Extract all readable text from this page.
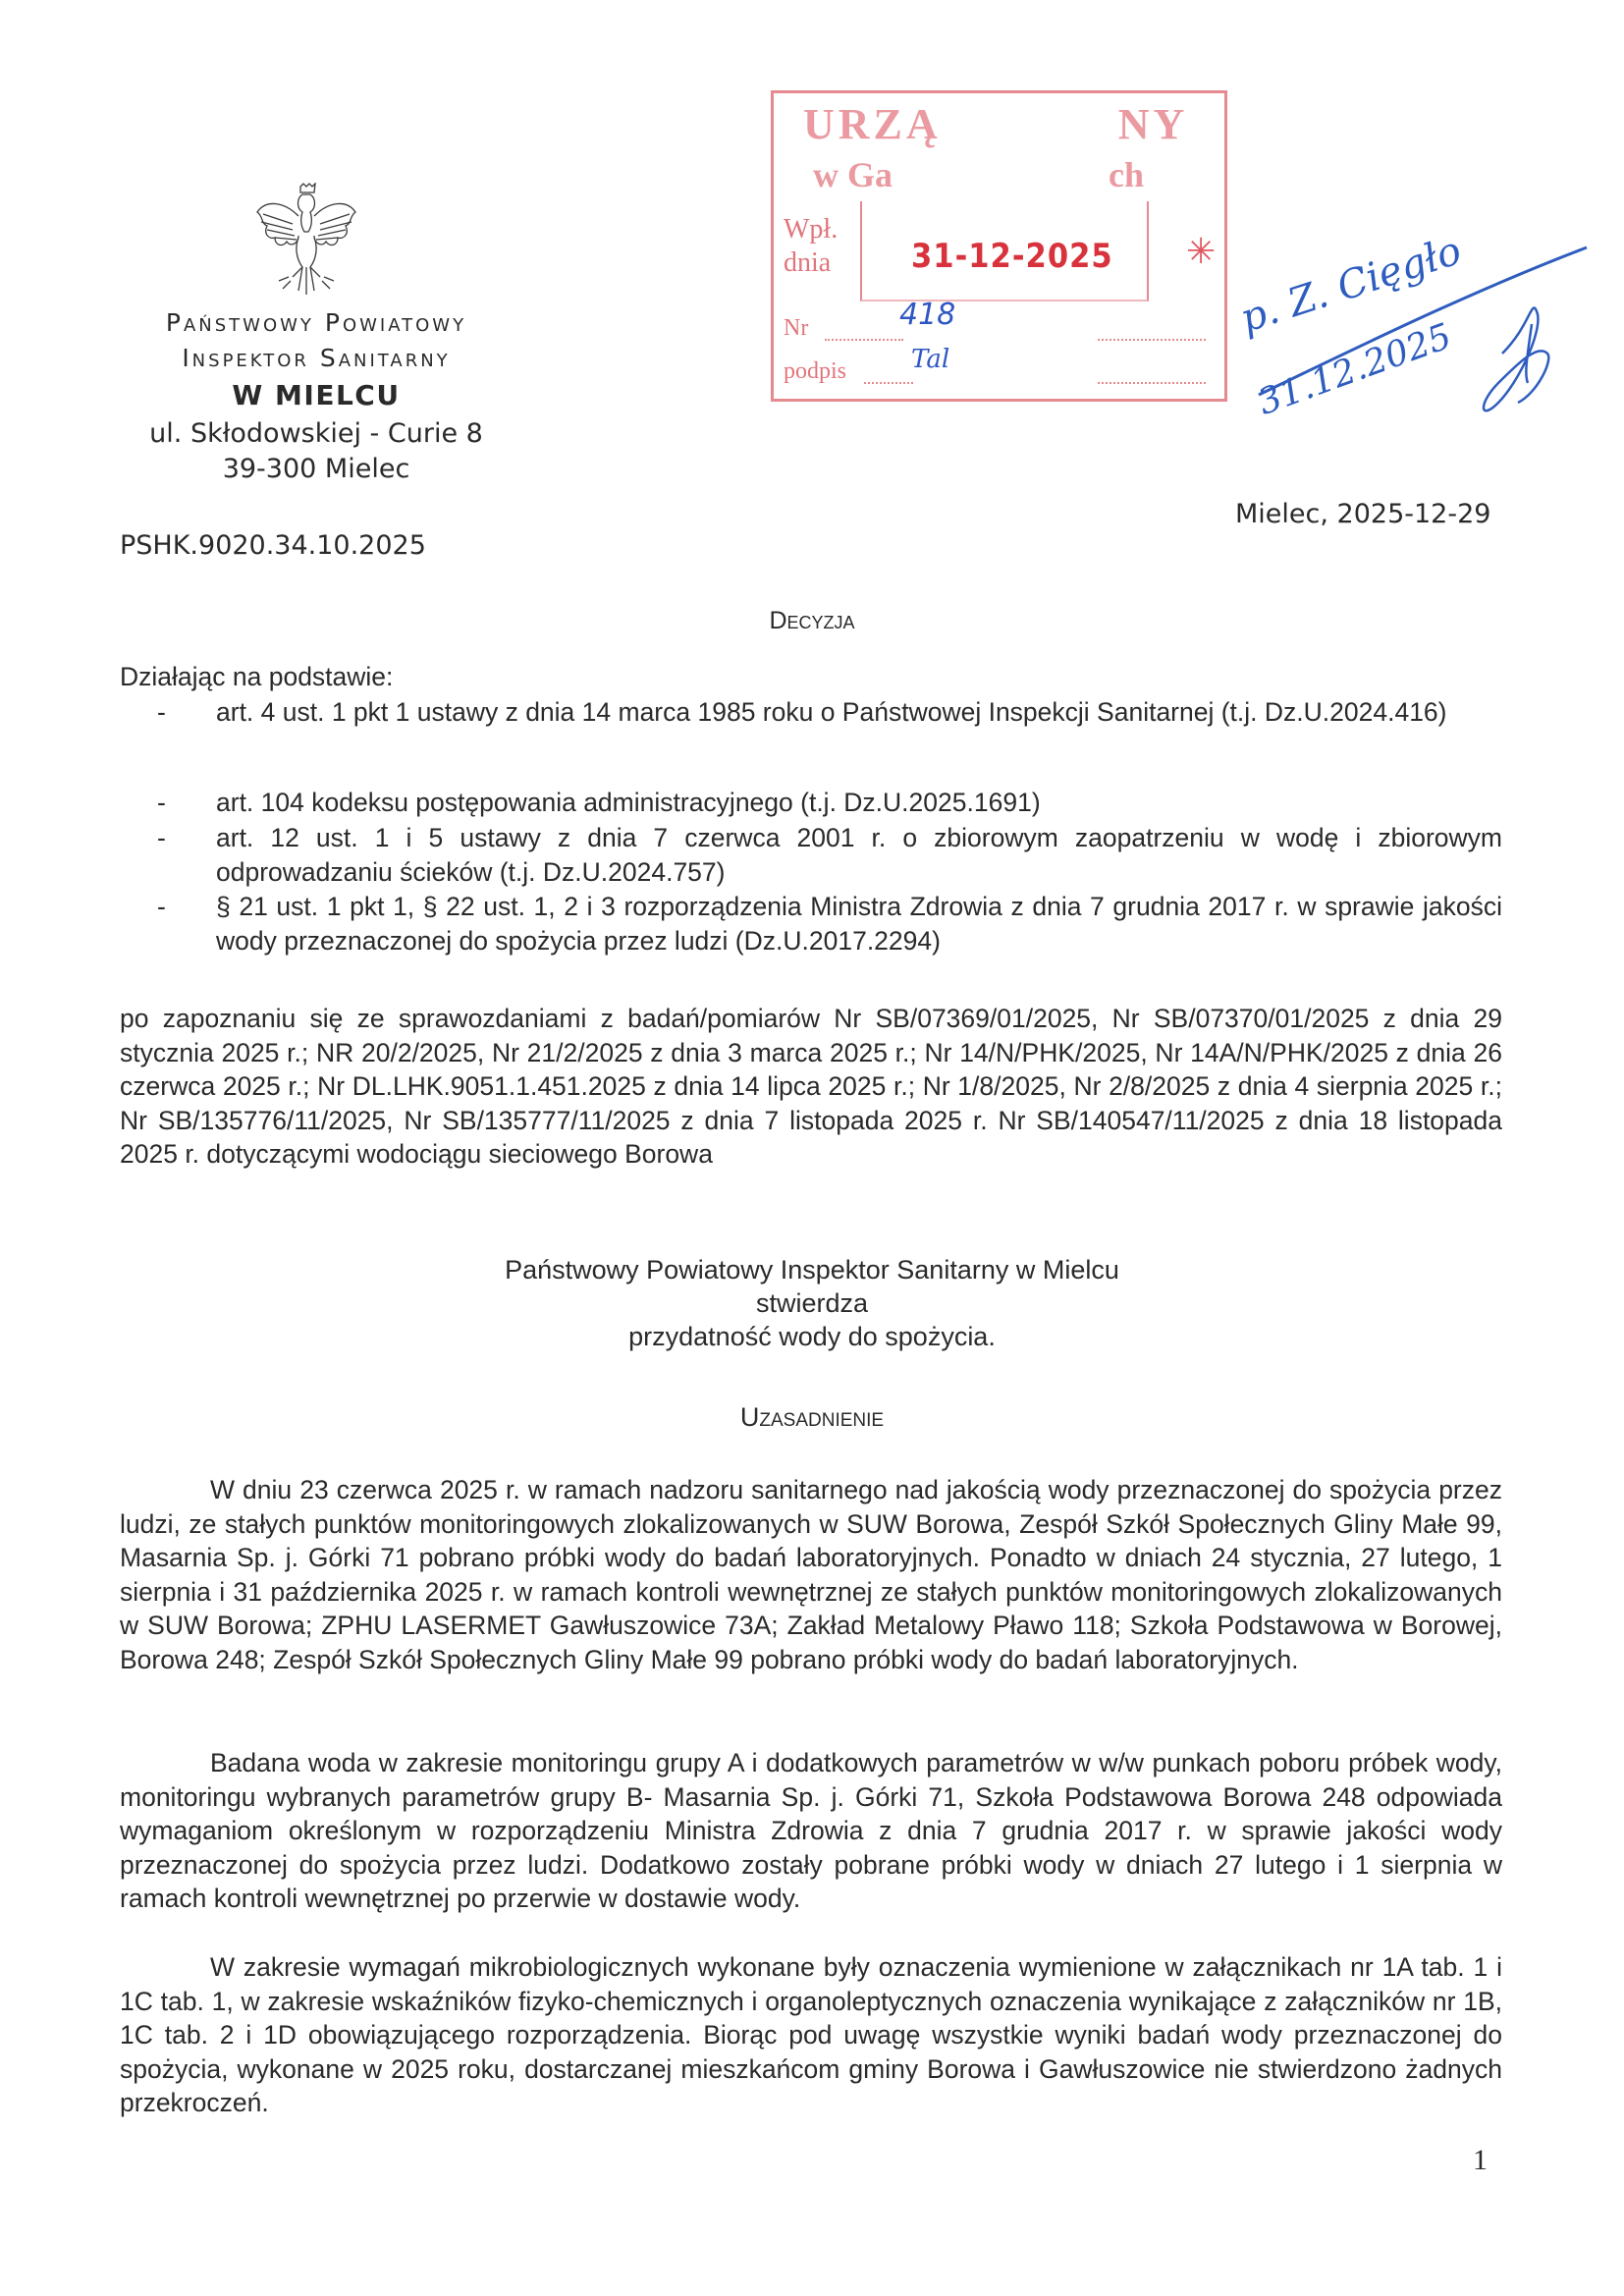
Państwowy Powiatowy
Inspektor Sanitarny
W MIELCU
ul. Skłodowskiej - Curie 8
39-300 Mielec
PSHK.9020.34.10.2025
Mielec, 2025-12-29
URZĄ	NY
w Ga	ch
Wpł.
dnia 31-12-2025 ✳
Nr	418
podpis	Tal
p. Z. Cięgło
31.12.2025
Decyzja
Działając na podstawie:
- art. 4 ust. 1 pkt 1 ustawy z dnia 14 marca 1985 roku o Państwowej Inspekcji Sanitarnej (t.j. Dz.U.2024.416)
- art. 104 kodeksu postępowania administracyjnego (t.j. Dz.U.2025.1691)
- art. 12 ust. 1 i 5 ustawy z dnia 7 czerwca 2001 r. o zbiorowym zaopatrzeniu w wodę i zbiorowym odprowadzaniu ścieków (t.j. Dz.U.2024.757)
- § 21 ust. 1 pkt 1, § 22 ust. 1, 2 i 3 rozporządzenia Ministra Zdrowia z dnia 7 grudnia 2017 r. w sprawie jakości wody przeznaczonej do spożycia przez ludzi (Dz.U.2017.2294)
po zapoznaniu się ze sprawozdaniami z badań/pomiarów Nr SB/07369/01/2025, Nr SB/07370/01/2025 z dnia 29 stycznia 2025 r.; NR 20/2/2025, Nr 21/2/2025 z dnia 3 marca 2025 r.; Nr 14/N/PHK/2025, Nr 14A/N/PHK/2025 z dnia 26 czerwca 2025 r.; Nr DL.LHK.9051.1.451.2025 z dnia 14 lipca 2025 r.; Nr 1/8/2025, Nr 2/8/2025 z dnia 4 sierpnia 2025 r.; Nr SB/135776/11/2025, Nr SB/135777/11/2025 z dnia 7 listopada 2025 r. Nr SB/140547/11/2025 z dnia 18 listopada 2025 r. dotyczącymi wodociągu sieciowego Borowa
Państwowy Powiatowy Inspektor Sanitarny w Mielcu
stwierdza
przydatność wody do spożycia.
Uzasadnienie
W dniu 23 czerwca 2025 r. w ramach nadzoru sanitarnego nad jakością wody przeznaczonej do spożycia przez ludzi, ze stałych punktów monitoringowych zlokalizowanych w SUW Borowa, Zespół Szkół Społecznych Gliny Małe 99, Masarnia Sp. j. Górki 71 pobrano próbki wody do badań laboratoryjnych. Ponadto w dniach 24 stycznia, 27 lutego, 1 sierpnia i 31 października 2025 r. w ramach kontroli wewnętrznej ze stałych punktów monitoringowych zlokalizowanych w SUW Borowa; ZPHU LASERMET Gawłuszowice 73A; Zakład Metalowy Pławo 118; Szkoła Podstawowa w Borowej, Borowa 248; Zespół Szkół Społecznych Gliny Małe 99 pobrano próbki wody do badań laboratoryjnych.
Badana woda w zakresie monitoringu grupy A i dodatkowych parametrów w w/w punkach poboru próbek wody, monitoringu wybranych parametrów grupy B- Masarnia Sp. j. Górki 71, Szkoła Podstawowa Borowa 248 odpowiada wymaganiom określonym w rozporządzeniu Ministra Zdrowia z dnia 7 grudnia 2017 r. w sprawie jakości wody przeznaczonej do spożycia przez ludzi. Dodatkowo zostały pobrane próbki wody w dniach 27 lutego i 1 sierpnia w ramach kontroli wewnętrznej po przerwie w dostawie wody.
W zakresie wymagań mikrobiologicznych wykonane były oznaczenia wymienione w załącznikach nr 1A tab. 1 i 1C tab. 1, w zakresie wskaźników fizyko-chemicznych i organoleptycznych oznaczenia wynikające z załączników nr 1B, 1C tab. 2 i 1D obowiązującego rozporządzenia. Biorąc pod uwagę wszystkie wyniki badań wody przeznaczonej do spożycia, wykonane w 2025 roku, dostarczanej mieszkańcom gminy Borowa i Gawłuszowice nie stwierdzono żadnych przekroczeń.
1
